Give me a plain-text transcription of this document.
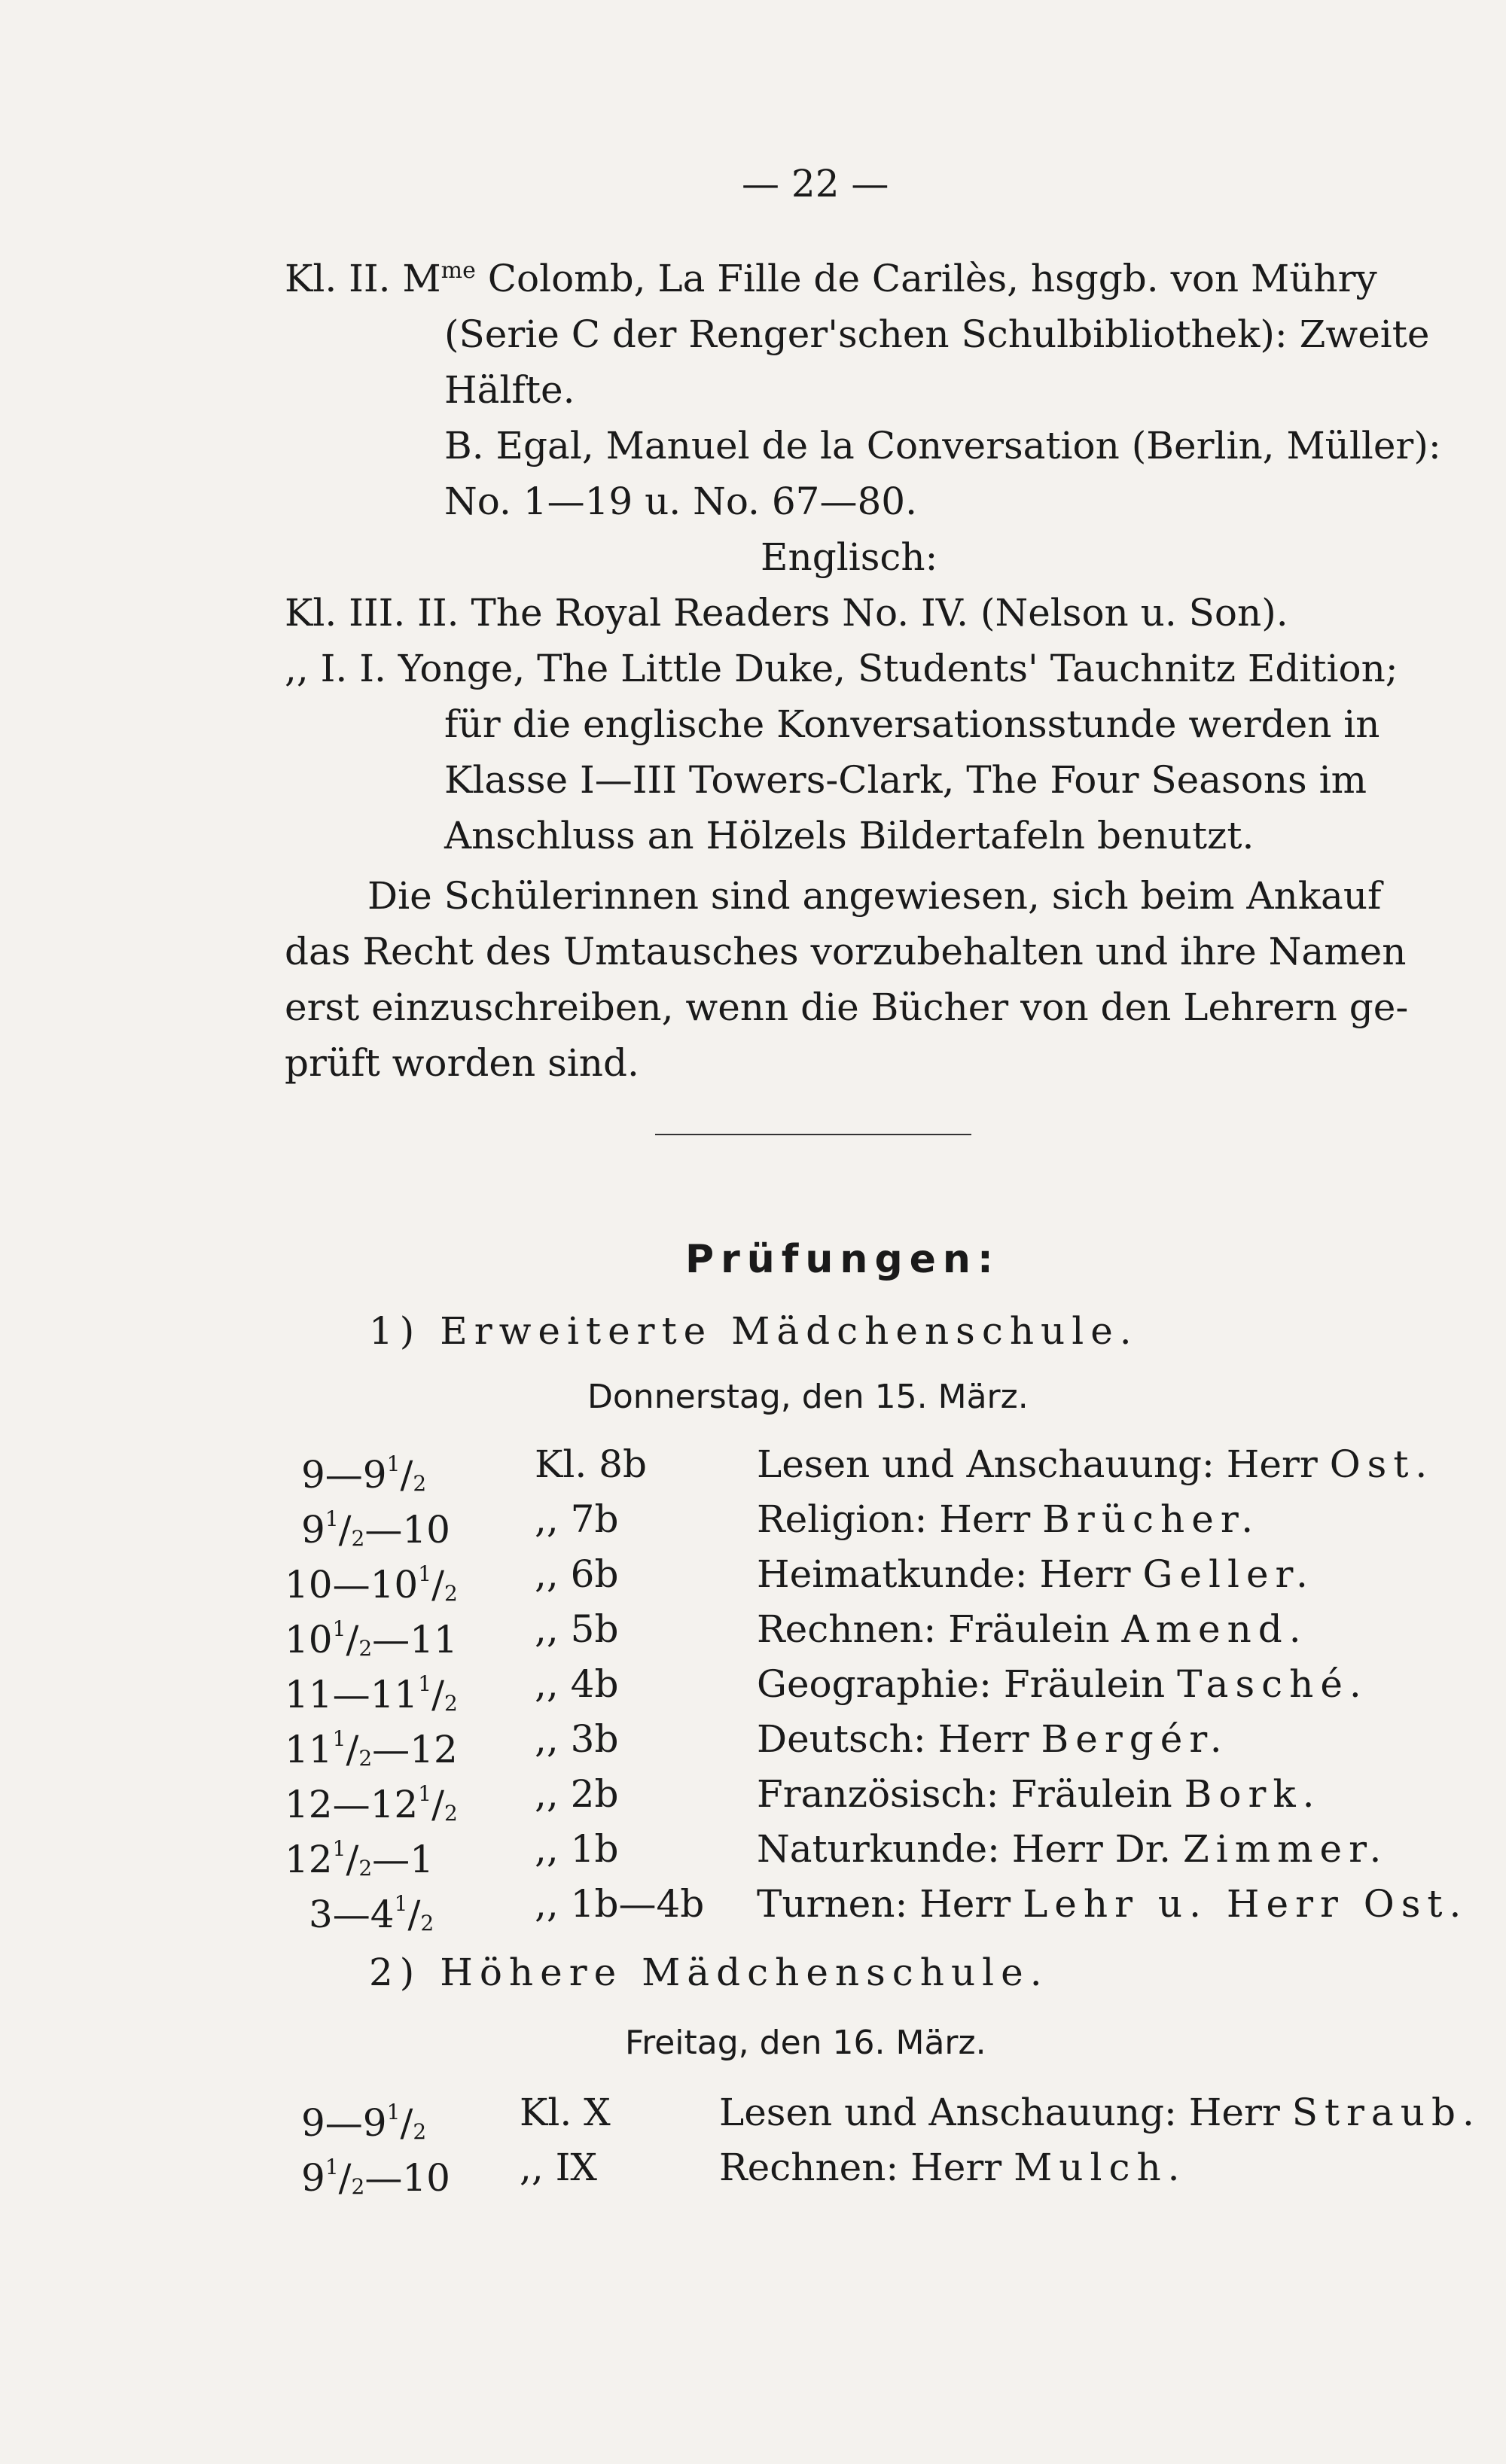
— 22 —
Kl. II. $M^{me}$ Colomb, La Fille de Carilès, hsggb. von Mühry
(Serie C der Renger'schen Schulbibliothek): Zweite
Hälfte.
B. Egal, Manuel de la Conversation (Berlin, Müller):
No. 1—19 u. No. 67—80.
Englisch:
Kl. III. II. The Royal Readers No. IV. (Nelson u. Son).
,, I. I. Yonge, The Little Duke, Students' Tauchnitz Edition;
für die englische Konversationsstunde werden in
Klasse I—III Towers-Clark, The Four Seasons im
Anschluss an Hölzels Bildertafeln benutzt.
Die Schülerinnen sind angewiesen, sich beim Ankauf
das Recht des Umtausches vorzubehalten und ihre Namen
erst einzuschreiben, wenn die Bücher von den Lehrern ge-
prüft worden sind.
Prüfungen:
1) Erweiterte Mädchenschule.
Donnerstag, den 15. März.
$9—9^1/_2$	Kl. 8b	Lesen und Anschauung: Herr Ost.
$9^1/_2—10$ ,, 7b	Religion: Herr Brücher.
$10—10^1/_2$ ,, 6b	Heimatkunde: Herr Geller.
$10^1/_2—11$ ,, 5b	Rechnen: Fräulein Amend.
$11—11^1/_2$ ,, 4b	Geographie: Fräulein Tasché.
$11^1/_2—12$ ,, 3b	Deutsch: Herr Bergér.
$12—12^1/_2$ ,, 2b	Französisch: Fräulein Bork.
$12^1/_2—1$	,, 1b	Naturkunde: Herr Dr. Zimmer.
$3—4^1/_2$	,, 1b—4b Turnen: Herr Lehr u. Herr Ost.
2) Höhere Mädchenschule.
Freitag, den 16. März.
$9—9^1/_2$ Kl. X	Lesen und Anschauung: Herr Straub.
$9^1/_2—10$ ,, IX	Rechnen: Herr Mulch.
